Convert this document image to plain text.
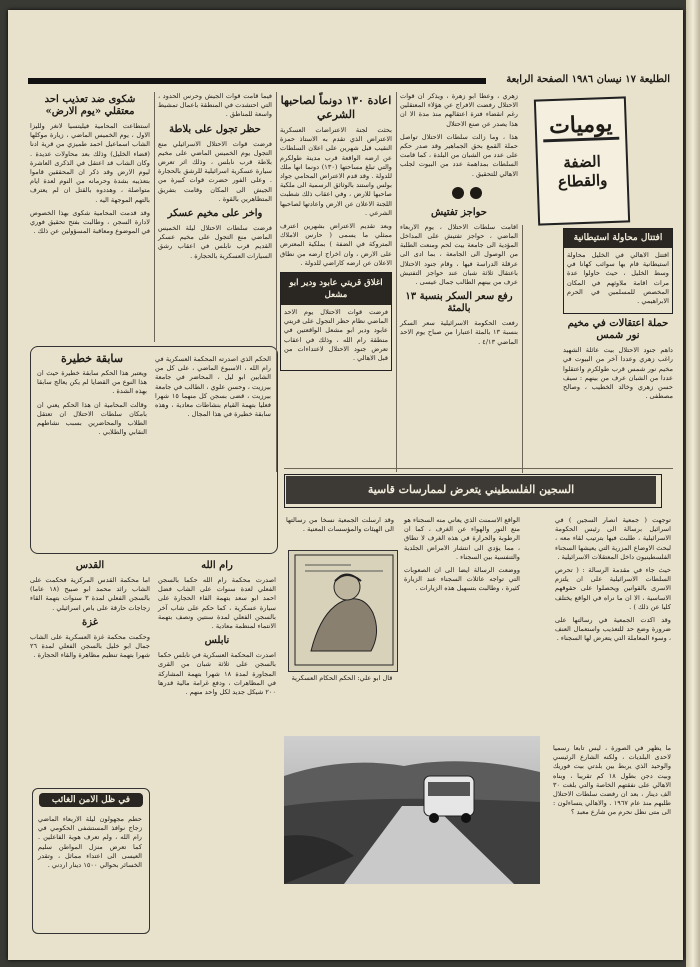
الطليعة ١٧ نيسان ١٩٨٦ الصفحة الرابعة
يوميات
الضفة والقطاع

افتتال محاولة استيطانية

افتتل الاهالي في الخليل محاولة استيطانية قام بها سوائب كهانا في وسط الخليل ، حيث حاولوا عدة مرات اقامة ملاوثهم في المكان المخصص للمسلمين في الحرم الابراهيمي .

حملة اعتقالات في مخيم نور شمس

داهم جنود الاحتلال بيت عائلة الشهيد راغب زهري وعددا آخر من البيوت في مخيم نور شمس قرب طولكرم واعتقلوا عددا من الشبان عرف من بينهم : سيف حسن زهري وخالد الخطيب ، وصالح مصطفى .

زهري ، وعطا ابو زهرة ، ويذكر ان قوات الاحتلال رفضت الافراج عن هؤلاء المعتقلين رغم انقضاء فترة اعتقالهم منذ مدة الا ان هذا يصدر عن صنع الاحتلال

هذا ، وما زالت سلطات الاحتلال تواصل حملة القمع بحق الجماهير وقد صدر حكم على عدد من الشبان من البلدة ، كما قامت السلطات بمداهمة عدد من البيوت لجلب الاهالي للتحقيق .

حواجز تفتيش

اقامت سلطات الاحتلال ، يوم الاربعاء الماضي ، حواجز تفتيش على المداخل المؤدية الى جامعة بيت لحم ومنعت الطلبة من الوصول الى الجامعة ، بما ادى الى عرقلة الدراسة فيها ، وقام جنود الاحتلال باعتقال ثلاثة شبان عند حواجز التفتيش عرف من بينهم الطالب جمال عيسى .

رفع سعر السكر بنسبة ١٣ بالمئة

رفعت الحكومة الاسرائيلية سعر السكر بنسبة ١٣ بالمئة اعتبارا من صباح يوم الاحد الماضي ٤/١٣ .

اعادة ١٣٠ دونماً لصاحبها الشرعي

بحثت لجنة الاعتراضات العسكرية الاعتراض الذي تقدم به الاستاذ حمزة النقيب قبل شهرين على اعلان السلطات عن ارضه الواقعة قرب مدينة طولكرم والتي تبلغ مساحتها (١٣٠) دونما انها ملك للدولة . وقد قدم الاعتراض المحامي جواد بولس واستند بالوثائق الرسمية الى ملكية صاحبها للارض ، وفي اعقاب ذلك شطبت اللجنة الاعلان عن الارض واعادتها لصاحبها الشرعي .

وبعد تقديم الاعتراض بشهرين اعترف ممثلي ما يسمى ( حارس الاملاك المتروكة في الضفة ) بملكية المعترض على الارض ، وان اخراج ارضه من نطاق الاعلان عن ارضه كاراضي للدولة .

اغلاق قريتي عابود ودير ابو مشعل

فرضت قوات الاحتلال يوم الاحد الماضي نظام حظر التجول على قريتي عابود ودير ابو مشعل الواقعتين في منطقة رام الله ، وذلك في اعقاب تعرض جنود الاحتلال لاعتداءات من قبل الاهالي .

فيما قامت قوات الجيش وحرس الحدود ، التي احتشدت في المنطقة باعمال تمشيط واسعة للمناطق .

حظر تجول على بلاطة

فرضت قوات الاحتلال الاسرائيلي منع التجول يوم الخميس الماضي على مخيم بلاطة قرب نابلس ، وذلك اثر تعرض سيارة عسكرية اسرائيلية للرشق بالحجارة . وعلى الفور حضرت قوات كبيرة من الجيش الى المكان وقامت بتفريق المتظاهرين بالقوة .

واخر على مخيم عسكر

فرضت سلطات الاحتلال ليلة الخميس الماضي منع التجول على مخيم عسكر القديم قرب نابلس في اعقاب رشق السيارات العسكرية بالحجارة .

شكوى ضد تعذيب احد معتقلي «يوم الارض»

استطاعت المحامية فيليتسيا لانغر ولليزا الاول ، يوم الخميس الماضي ، زيارة موكلها الشاب اسماعيل احمد طميزي من قرية ادنا (قضاء الخليل) وذلك بعد محاولات عديدة . وكان الشاب قد اعتقل في الذكرى العاشرة ليوم الارض وقد ذكر ان المحققين قاموا بتعذيبه بشدة وحرمانه من النوم لعدة ايام متواصلة ، وهددوه بالقتل ان لم يعترف بالتهم الموجهة اليه .

وقد قدمت المحامية شكوى بهذا الخصوص لادارة السجن ، وطالبت بفتح تحقيق فوري في الموضوع ومعاقبة المسؤولين عن ذلك .

سابقة خطيرة

ويعتبر هذا الحكم سابقة خطيرة حيث ان هذا النوع من القضايا لم يكن يعالج سابقا بهذه الشدة .

وقالت المحامية ان هذا الحكم يعني ان بامكان سلطات الاحتلال ان تعتقل الطلاب والمحاضرين بسبب نشاطهم النقابي والطلابي .

الحكم الذي اصدرته المحكمة العسكرية في رام الله ، الاسبوع الماضي ، على كل من الشابين ابو ليل ، المحاضر في جامعة بيرزيت ، وحسن علوي ، الطالب في جامعة بيرزيت ، قضى بسجن كل منهما ١٥ شهرا فعليا بتهمة القيام بنشاطات معادية ، وهذه سابقة خطيرة في هذا المجال .

السجين الفلسطيني يتعرض لممارسات قاسية

توجهت ( جمعية انصار السجين ) في اسرائيل برسالة الى رئيس الحكومة الاسرائيلية ، طلبت فيها بترتيب لقاء معه ، لبحث الاوضاع المزرية التي يعيشها السجناء الفلسطينيون داخل المعتقلات الاسرائيلية .

حيث جاء في مقدمة الرسالة : ( تحرص السلطات الاسرائيلية على ان يلتزم الاسرى بالقوانين ويحصلوا على حقوقهم الاساسية ، الا ان ما نراه في الواقع يختلف كليا عن ذلك ) .

وقد اكدت الجمعية في رسالتها على ضرورة وضع حد للتعذيب واستعمال العنف ، وسوء المعاملة التي يتعرض لها السجناء .

الواقع الاسمنت الذي يعاني منه السجناء هو منع النور والهواء عن الغرف ، كما ان الرطوبة والحرارة في هذه الغرف لا تطاق ، مما يؤدي الى انتشار الامراض الجلدية والتنفسية بين السجناء .

ووضعت الرسالة ايضا الى ان الصعوبات التي تواجه عائلات السجناء عند الزيارة كثيرة ، وطالبت بتسهيل هذه الزيارات .

وقد ارسلت الجمعية نسخا من رسالتها الى الهيئات والمؤسسات المعنية .

قال ابو علي: الحكم الحكام العسكرية
رام الله

اصدرت محكمة رام الله حكما بالسجن الفعلي لعدة سنوات على الشاب فضل احمد ابو سعد بتهمة القاء الحجارة على سيارة عسكرية ، كما حكم على شاب آخر بالسجن الفعلي لمدة سنتين ونصف بتهمة الانتماء لمنظمة معادية .

نابلس

اصدرت المحكمة العسكرية في نابلس حكما بالسجن على ثلاثة شبان من القرى المجاورة لمدة ١٨ شهرا بتهمة المشاركة في المظاهرات ، ودفع غرامة مالية قدرها ٢٠٠ شيكل جديد لكل واحد منهم .

القدس

اما محكمة القدس المركزية فحكمت على الشاب رائد محمد ابو صبيح (١٨ عاما) بالسجن الفعلي لمدة ٣ سنوات بتهمة القاء زجاجات حارقة على باص اسرائيلي .

غزة

وحكمت محكمة غزة العسكرية على الشاب جمال ابو خليل بالسجن الفعلي لمدة ٢٦ شهرا بتهمة تنظيم مظاهرة والقاء الحجارة .

في ظل الامن الغائب
حطم مجهولون ليلة الاربعاء الماضي زجاج نوافذ المستشفى الحكومي في رام الله ، ولم تعرف هوية الفاعلين . كما تعرض منزل المواطن سليم العيسى الى اعتداء مماثل ، وتقدر الخسائر بحوالي ١٥٠٠ دينار اردني .

ما يظهر في الصورة ، ليس تابعا رسميا لاحدى البلديات ، ولكنه الشارع الرئيسي والوحيد الذي يربط بين بلدتي بيت فوريك وبيت دجن بطول ١٨ كم تقريبا ، وبناه الاهالي على نفقتهم الخاصة والتي بلغت ٣٠ الف دينار ، بعد ان رفضت سلطات الاحتلال طلبهم منذ عام ١٩٦٧ . والاهالي يتساءلون : الى متى نظل نحرم من شارع معبد ؟
